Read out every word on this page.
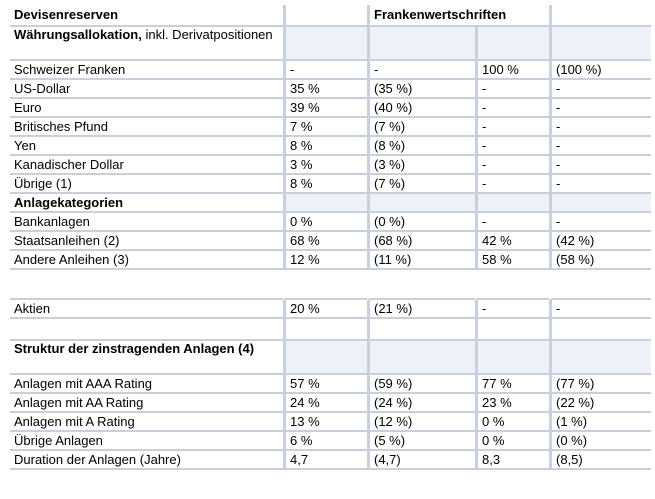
Devisenreserven		Frankenwertschriften		
Währungsallokation, inkl. Derivatpositionen				
Schweizer Franken	-	-	100 %	(100 %)
US-Dollar	35 %	(35 %)	-	-
Euro	39 %	(40 %)	-	-
Britisches Pfund	7 %	(7 %)	-	-
Yen	8 %	(8 %)	-	-
Kanadischer Dollar	3 %	(3 %)	-	-
Übrige (1)	8 %	(7 %)	-	-
Anlagekategorien				
Bankanlagen	0 %	(0 %)	-	-
Staatsanleihen (2)	68 %	(68 %)	42 %	(42 %)
Andere Anleihen (3)	12 %	(11 %)	58 %	(58 %)

Aktien	20 %	(21 %)	-	-

Struktur der zinstragenden Anlagen (4)				
Anlagen mit AAA Rating	57 %	(59 %)	77 %	(77 %)
Anlagen mit AA Rating	24 %	(24 %)	23 %	(22 %)
Anlagen mit A Rating	13 %	(12 %)	0 %	(1 %)
Übrige Anlagen	6 %	(5 %)	0 %	(0 %)
Duration der Anlagen (Jahre)	4,7	(4,7)	8,3	(8,5)
